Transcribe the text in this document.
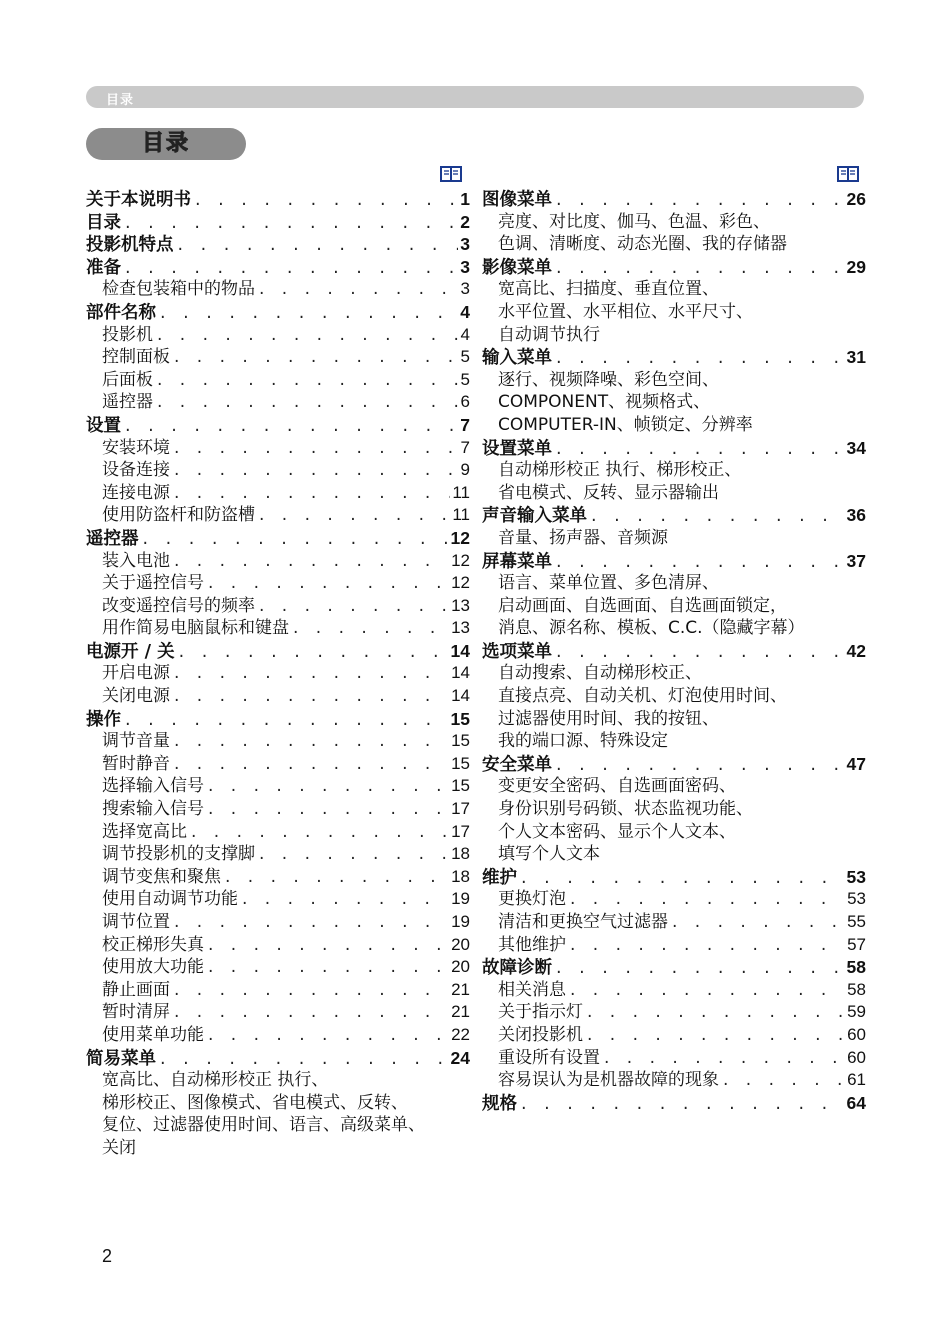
目录
目录
关于本说明书 . . .	1
目录 . . .	2
投影机特点 . . .	3
准备 . . .	3
检查包装箱中的物品 . . .	3
部件名称 . . .	4
投影机 . . .	4
控制面板 . . .	5
后面板 . . .	5
遥控器 . . .	6
设置 . . .	7
安装环境 . . .	7
设备连接 . . .	9
连接电源 . . .	11
使用防盗杆和防盗槽 . . .	11
遥控器 . . .	12
装入电池 . . .	12
关于遥控信号 . . .	12
改变遥控信号的频率 . . .	13
用作简易电脑鼠标和键盘 . . .	13
电源开 / 关 . . .	14
开启电源 . . .	14
关闭电源 . . .	14
操作 . . .	15
调节音量 . . .	15
暂时静音 . . .	15
选择输入信号 . . .	15
搜索输入信号 . . .	17
选择宽高比 . . .	17
调节投影机的支撑脚 . . .	18
调节变焦和聚焦 . . .	18
使用自动调节功能 . . .	19
调节位置 . . .	19
校正梯形失真 . . .	20
使用放大功能 . . .	20
静止画面 . . .	21
暂时清屏 . . .	21
使用菜单功能 . . .	22
简易菜单 . . .	24
宽高比、自动梯形校正 执行、
梯形校正、图像模式、省电模式、反转、
复位、过滤器使用时间、语言、高级菜单、
关闭
图像菜单 . . .	26
亮度、对比度、伽马、色温、彩色、
色调、清晰度、动态光圈、我的存储器
影像菜单 . . .	29
宽高比、扫描度、垂直位置、
水平位置、水平相位、水平尺寸、
自动调节执行
输入菜单 . . .	31
逐行、视频降噪、彩色空间、
COMPONENT、视频格式、
COMPUTER-IN、帧锁定、分辨率
设置菜单 . . .	34
自动梯形校正 执行、梯形校正、
省电模式、反转、显示器输出
声音输入菜单 . . .	36
音量、扬声器、音频源
屏幕菜单 . . .	37
语言、菜单位置、多色清屏、
启动画面、自选画面、自选画面锁定，
消息、源名称、模板、C.C.（隐藏字幕）
选项菜单 . . .	42
自动搜索、自动梯形校正、
直接点亮、自动关机、灯泡使用时间、
过滤器使用时间、我的按钮、
我的端口源、特殊设定
安全菜单 . . .	47
变更安全密码、自选画面密码、
身份识别号码锁、状态监视功能、
个人文本密码、显示个人文本、
填写个人文本
维护 . . .	53
更换灯泡 . . .	53
清洁和更换空气过滤器 . . .	55
其他维护 . . .	57
故障诊断 . . .	58
相关消息 . . .	58
关于指示灯 . . .	59
关闭投影机 . . .	60
重设所有设置 . . .	60
容易误认为是机器故障的现象 . . .	61
规格 . . .	64
2
